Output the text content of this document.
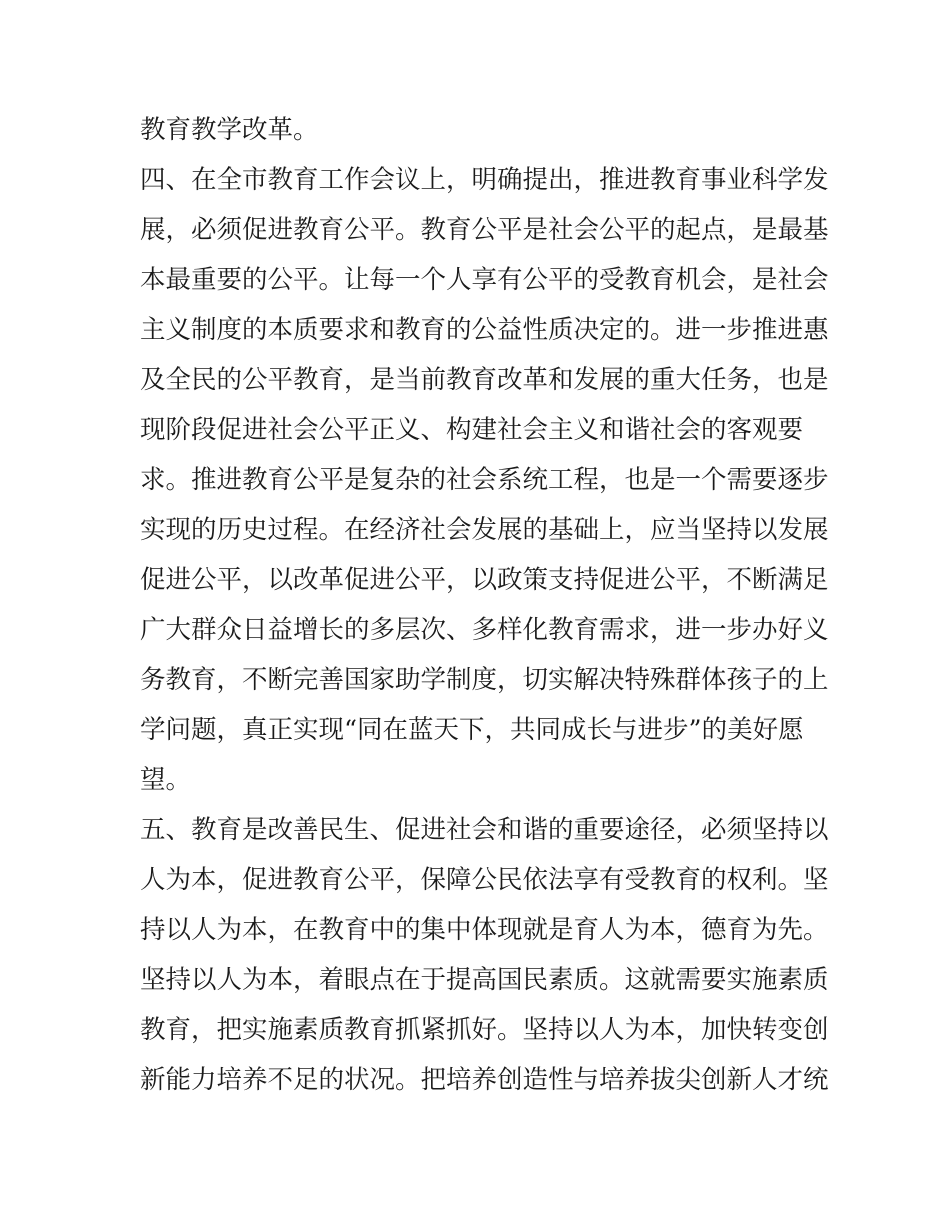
教育教学改革。
四、在全市教育工作会议上，明确提出，推进教育事业科学发
展，必须促进教育公平。教育公平是社会公平的起点，是最基
本最重要的公平。让每一个人享有公平的受教育机会，是社会
主义制度的本质要求和教育的公益性质决定的。进一步推进惠
及全民的公平教育，是当前教育改革和发展的重大任务，也是
现阶段促进社会公平正义、构建社会主义和谐社会的客观要
求。推进教育公平是复杂的社会系统工程，也是一个需要逐步
实现的历史过程。在经济社会发展的基础上，应当坚持以发展
促进公平，以改革促进公平，以政策支持促进公平，不断满足
广大群众日益增长的多层次、多样化教育需求，进一步办好义
务教育，不断完善国家助学制度，切实解决特殊群体孩子的上
学问题，真正实现“同在蓝天下，共同成长与进步”的美好愿
望。
五、教育是改善民生、促进社会和谐的重要途径，必须坚持以
人为本，促进教育公平，保障公民依法享有受教育的权利。坚
持以人为本，在教育中的集中体现就是育人为本，德育为先。
坚持以人为本，着眼点在于提高国民素质。这就需要实施素质
教育，把实施素质教育抓紧抓好。坚持以人为本，加快转变创
新能力培养不足的状况。把培养创造性与培养拔尖创新人才统
